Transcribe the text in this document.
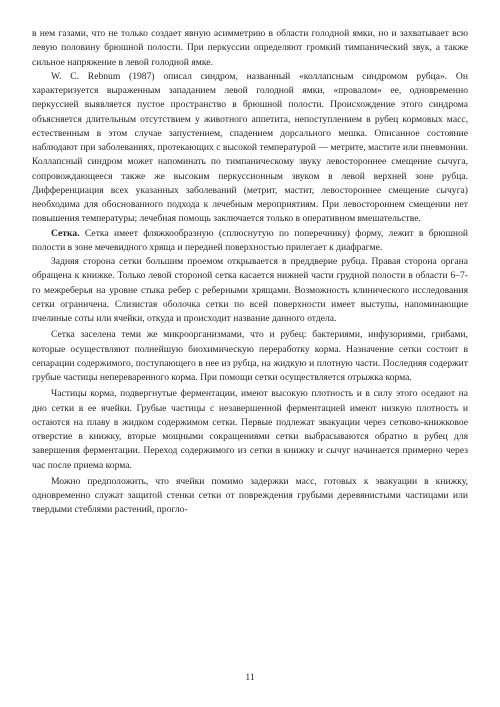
в нем газами, что не только создает явную асимметрию в области голодной ямки, но и захватывает всю левую половину брюшной полости. При перкуссии определяют громкий тимпанический звук, а также сильное напряжение в левой голодной ямке.

W. C. Rebnum (1987) описал синдром, названный «коллапсным синдромом рубца». Он характеризуется выраженным западанием левой голодной ямки, «провалом» ее, одновременно перкуссией выявляется пустое пространство в брюшной полости. Происхождение этого синдрома объясняется длительным отсутствием у животного аппетита, непоступлением в рубец кормовых масс, естественным в этом случае запустением, спадением дорсального мешка. Описанное состояние наблюдают при заболеваниях, протекающих с высокой температурой — метрите, мастите или пневмонии. Коллапсный синдром может напоминать по тимпаническому звуку левостороннее смещение сычуга, сопровождающееся также же высоким перкуссионным звуком в левой верхней зоне рубца. Дифференциация всех указанных заболеваний (метрит, мастит, левостороннее смещение сычуга) необходима для обоснованного подхода к лечебным мероприятиям. При левостороннем смещении нет повышения температуры; лечебная помощь заключается только в оперативном вмешательстве.

Сетка. Сетка имеет фляжкообразную (сплюснутую по поперечнику) форму, лежит в брюшной полости в зоне мечевидного хряща и передней поверхностью прилегает к диафрагме.

Задняя сторона сетки большим проемом открывается в преддверие рубца. Правая сторона органа обращена к книжке. Только левой стороной сетка касается нижней части грудной полости в области 6–7-го межреберья на уровне стыка ребер с реберными хрящами. Возможность клинического исследования сетки ограничена. Слизистая оболочка сетки по всей поверхности имеет выступы, напоминающие пчелиные соты или ячейки, откуда и происходит название данного отдела.

Сетка заселена теми же микроорганизмами, что и рубец: бактериями, инфузориями, грибами, которые осуществляют полнейшую биохимическую переработку корма. Назначение сетки состоит в сепарации содержимого, поступающего в нее из рубца, на жидкую и плотную части. Последняя содержит грубые частицы непереваренного корма. При помощи сетки осуществляется отрыжка корма.

Частицы корма, подвергнутые ферментации, имеют высокую плотность и в силу этого оседают на дно сетки в ее ячейки. Грубые частицы с незавершенной ферментацией имеют низкую плотность и остаются на плаву в жидком содержимом сетки. Первые подлежат эвакуации через сетково-книжковое отверстие в книжку, вторые мощными сокращениями сетки выбрасываются обратно в рубец для завершения ферментации. Переход содержимого из сетки в книжку и сычуг начинается примерно через час после приема корма.

Можно предположить, что ячейки помимо задержки масс, готовых к эвакуации в книжку, одновременно служат защитой стенки сетки от повреждения грубыми деревянистыми частицами или твердыми стеблями растений, прогло-

11
